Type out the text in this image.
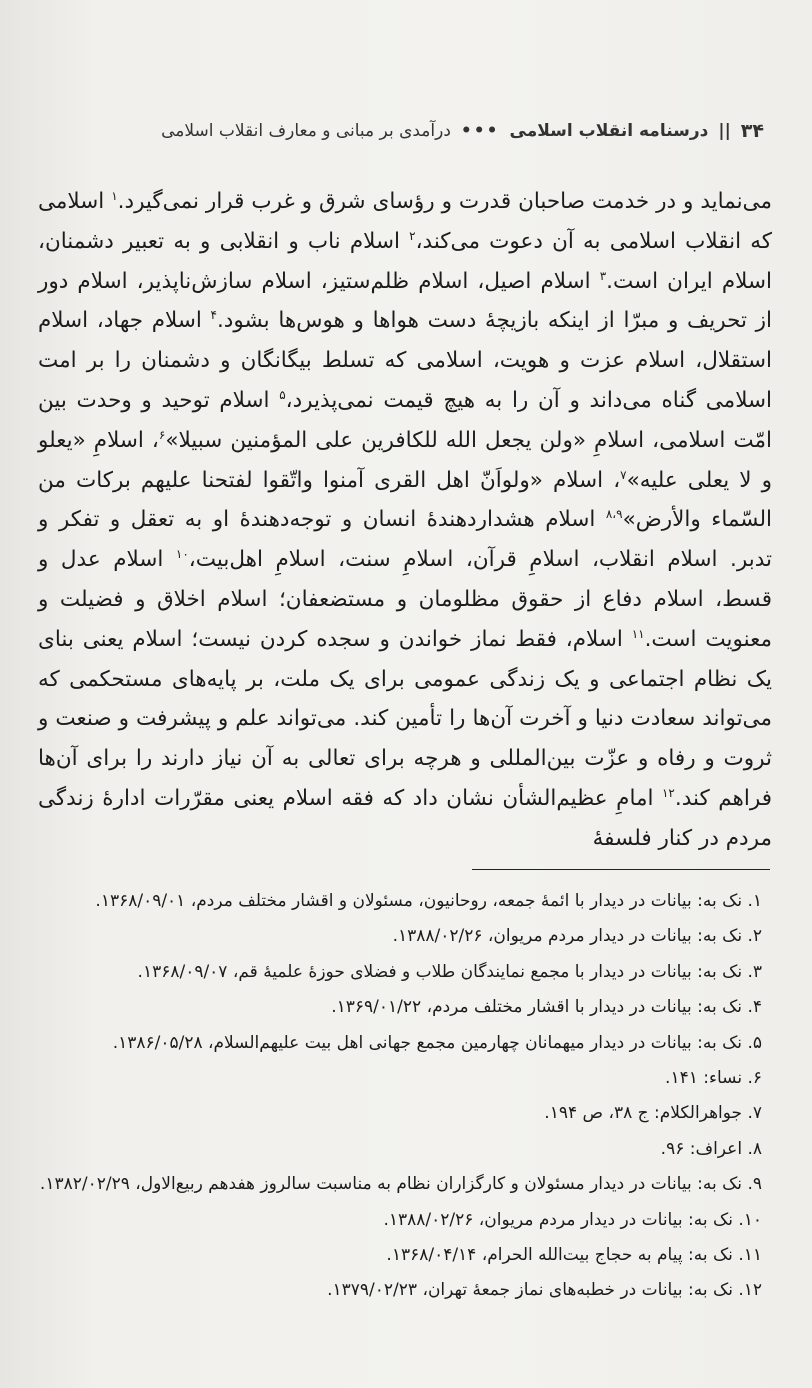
۳۴
||
درسنامه انقلاب اسلامی
•••
درآمدی بر مبانی و معارف انقلاب اسلامی

می‌نماید و در خدمت صاحبان قدرت و رؤسای شرق و غرب قرار نمی‌گیرد.$^۱$ اسلامی که انقلاب اسلامی به آن دعوت می‌کند،$^۲$ اسلام ناب و انقلابی و به تعبیر دشمنان، اسلام ایران است.$^۳$ اسلام اصیل، اسلام ظلم‌ستیز، اسلام سازش‌ناپذیر، اسلام دور از تحریف و مبرّا از اینکه بازیچهٔ دست هواها و هوس‌ها بشود.$^۴$ اسلام جهاد، اسلام استقلال، اسلام عزت و هویت، اسلامی که تسلط بیگانگان و دشمنان را بر امت اسلامی گناه می‌داند و آن را به هیچ قیمت نمی‌پذیرد،$^۵$ اسلام توحید و وحدت بین امّت اسلامی، اسلامِ «ولن یجعل الله للکافرین علی المؤمنین سبیلا»$^۶$، اسلامِ «یعلو و لا یعلی علیه»$^۷$، اسلام «ولواَنّ اهل القری آمنوا واتّقوا لفتحنا علیهم برکات من السّماء والأرض»$^{۸،۹}$ اسلام هشداردهندهٔ انسان و توجه‌دهندهٔ او به تعقل و تفکر و تدبر. اسلام انقلاب، اسلامِ قرآن، اسلامِ سنت، اسلامِ اهل‌بیت،$^{۱۰}$ اسلام عدل و قسط، اسلام دفاع از حقوق مظلومان و مستضعفان؛ اسلام اخلاق و فضیلت و معنویت است.$^{۱۱}$ اسلام، فقط نماز خواندن و سجده کردن نیست؛ اسلام یعنی بنای یک نظام اجتماعی و یک زندگی عمومی برای یک ملت، بر پایه‌های مستحکمی که می‌تواند سعادت دنیا و آخرت آن‌ها را تأمین کند. می‌تواند علم و پیشرفت و صنعت و ثروت و رفاه و عزّت بین‌المللی و هرچه برای تعالی به آن نیاز دارند را برای آن‌ها فراهم کند.$^{۱۲}$ امامِ عظیم‌الشأن نشان داد که فقه اسلام یعنی مقرّرات ادارهٔ زندگی مردم در کنار فلسفهٔ

۱. نک به: بیانات در دیدار با ائمهٔ جمعه، روحانیون، مسئولان و اقشار مختلف مردم، ۱۳۶۸/۰۹/۰۱.
۲. نک به: بیانات در دیدار مردم مریوان، ۱۳۸۸/۰۲/۲۶.
۳. نک به: بیانات در دیدار با مجمع نمایندگان طلاب و فضلای حوزهٔ علمیهٔ قم، ۱۳۶۸/۰۹/۰۷.
۴. نک به: بیانات در دیدار با اقشار مختلف مردم، ۱۳۶۹/۰۱/۲۲.
۵. نک به: بیانات در دیدار میهمانان چهارمین مجمع جهانی اهل بیت علیهم‌السلام، ۱۳۸۶/۰۵/۲۸.
۶. نساء: ۱۴۱.
۷. جواهرالکلام: ج ۳۸، ص ۱۹۴.
۸. اعراف: ۹۶.
۹. نک به: بیانات در دیدار مسئولان و کارگزاران نظام به مناسبت سالروز هفدهم ربیع‌الاول، ۱۳۸۲/۰۲/۲۹.
۱۰. نک به: بیانات در دیدار مردم مریوان، ۱۳۸۸/۰۲/۲۶.
۱۱. نک به: پیام به حجاج بیت‌الله الحرام، ۱۳۶۸/۰۴/۱۴.
۱۲. نک به: بیانات در خطبه‌های نماز جمعهٔ تهران، ۱۳۷۹/۰۲/۲۳.
